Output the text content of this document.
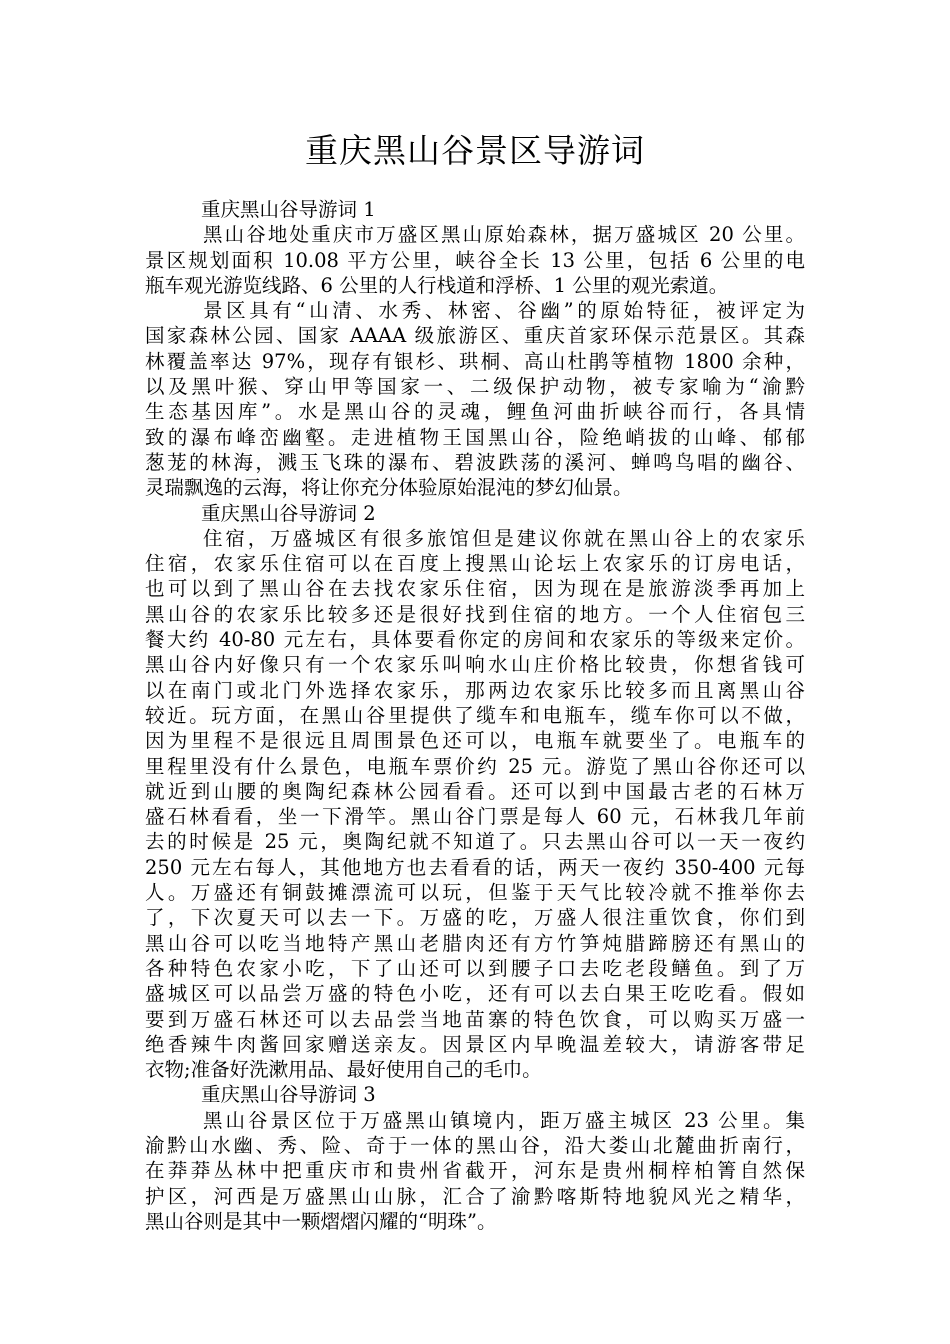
重庆黑山谷景区导游词
重庆黑山谷导游词 1
黑山谷地处重庆市万盛区黑山原始森林，据万盛城区 20 公里。
景区规划面积 10.08 平方公里，峡谷全长 13 公里，包括 6 公里的电
瓶车观光游览线路、6 公里的人行栈道和浮桥、1 公里的观光索道。
景区具有“山清、水秀、林密、谷幽”的原始特征，被评定为
国家森林公园、国家 AAAA 级旅游区、重庆首家环保示范景区。其森
林覆盖率达 97%，现存有银杉、珙桐、高山杜鹃等植物 1800 余种，
以及黑叶猴、穿山甲等国家一、二级保护动物，被专家喻为“渝黔
生态基因库”。水是黑山谷的灵魂，鲤鱼河曲折峡谷而行，各具情
致的瀑布峰峦幽壑。走进植物王国黑山谷，险绝峭拔的山峰、郁郁
葱茏的林海，溅玉飞珠的瀑布、碧波跌荡的溪河、蝉鸣鸟唱的幽谷、
灵瑞飘逸的云海，将让你充分体验原始混沌的梦幻仙景。
重庆黑山谷导游词 2
住宿，万盛城区有很多旅馆但是建议你就在黑山谷上的农家乐
住宿，农家乐住宿可以在百度上搜黑山论坛上农家乐的订房电话，
也可以到了黑山谷在去找农家乐住宿，因为现在是旅游淡季再加上
黑山谷的农家乐比较多还是很好找到住宿的地方。一个人住宿包三
餐大约 40-80 元左右，具体要看你定的房间和农家乐的等级来定价。
黑山谷内好像只有一个农家乐叫响水山庄价格比较贵，你想省钱可
以在南门或北门外选择农家乐，那两边农家乐比较多而且离黑山谷
较近。玩方面，在黑山谷里提供了缆车和电瓶车，缆车你可以不做，
因为里程不是很远且周围景色还可以，电瓶车就要坐了。电瓶车的
里程里没有什么景色，电瓶车票价约 25 元。游览了黑山谷你还可以
就近到山腰的奥陶纪森林公园看看。还可以到中国最古老的石林万
盛石林看看，坐一下滑竿。黑山谷门票是每人 60 元，石林我几年前
去的时候是 25 元，奥陶纪就不知道了。只去黑山谷可以一天一夜约
250 元左右每人，其他地方也去看看的话，两天一夜约 350-400 元每
人。万盛还有铜鼓摊漂流可以玩，但鉴于天气比较冷就不推举你去
了，下次夏天可以去一下。万盛的吃，万盛人很注重饮食，你们到
黑山谷可以吃当地特产黑山老腊肉还有方竹笋炖腊蹄膀还有黑山的
各种特色农家小吃，下了山还可以到腰子口去吃老段鳝鱼。到了万
盛城区可以品尝万盛的特色小吃，还有可以去白果王吃吃看。假如
要到万盛石林还可以去品尝当地苗寨的特色饮食，可以购买万盛一
绝香辣牛肉酱回家赠送亲友。因景区内早晚温差较大，请游客带足
衣物;准备好洗漱用品、最好使用自己的毛巾。
重庆黑山谷导游词 3
黑山谷景区位于万盛黑山镇境内，距万盛主城区 23 公里。集
渝黔山水幽、秀、险、奇于一体的黑山谷，沿大娄山北麓曲折南行，
在莽莽丛林中把重庆市和贵州省截开，河东是贵州桐梓柏箐自然保
护区，河西是万盛黑山山脉，汇合了渝黔喀斯特地貌风光之精华，
黑山谷则是其中一颗熠熠闪耀的“明珠”。
